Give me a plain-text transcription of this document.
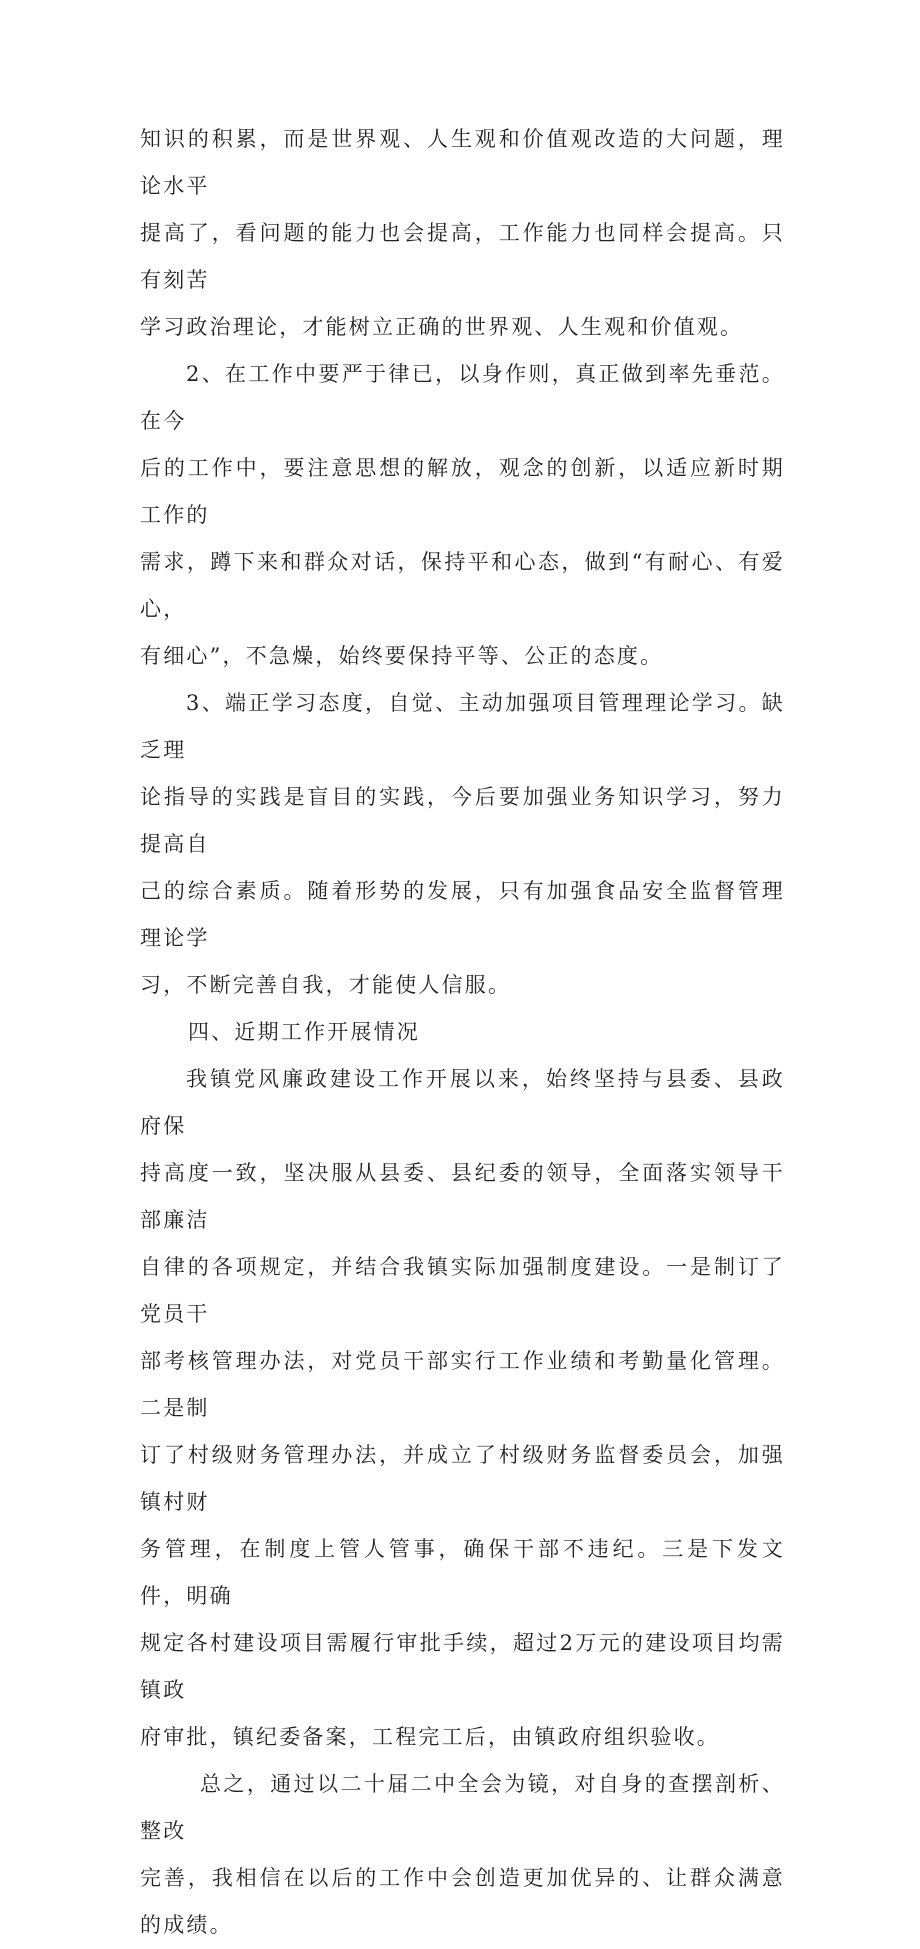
知识的积累，而是世界观、人生观和价值观改造的大问题，理论水平
提高了，看问题的能力也会提高，工作能力也同样会提高。只有刻苦
学习政治理论，才能树立正确的世界观、人生观和价值观。

2、在工作中要严于律已，以身作则，真正做到率先垂范。在今
后的工作中，要注意思想的解放，观念的创新，以适应新时期工作的
需求，蹲下来和群众对话，保持平和心态，做到“有耐心、有爱心，
有细心”，不急燥，始终要保持平等、公正的态度。

3、端正学习态度，自觉、主动加强项目管理理论学习。缺乏理
论指导的实践是盲目的实践，今后要加强业务知识学习，努力提高自
己的综合素质。随着形势的发展，只有加强食品安全监督管理理论学
习，不断完善自我，才能使人信服。

四、近期工作开展情况

我镇党风廉政建设工作开展以来，始终坚持与县委、县政府保
持高度一致，坚决服从县委、县纪委的领导，全面落实领导干部廉洁
自律的各项规定，并结合我镇实际加强制度建设。一是制订了党员干
部考核管理办法，对党员干部实行工作业绩和考勤量化管理。二是制
订了村级财务管理办法，并成立了村级财务监督委员会，加强镇村财
务管理，在制度上管人管事，确保干部不违纪。三是下发文件，明确
规定各村建设项目需履行审批手续，超过2万元的建设项目均需镇政
府审批，镇纪委备案，工程完工后，由镇政府组织验收。

总之，通过以二十届二中全会为镜，对自身的查摆剖析、整改
完善，我相信在以后的工作中会创造更加优异的、让群众满意的成绩。
